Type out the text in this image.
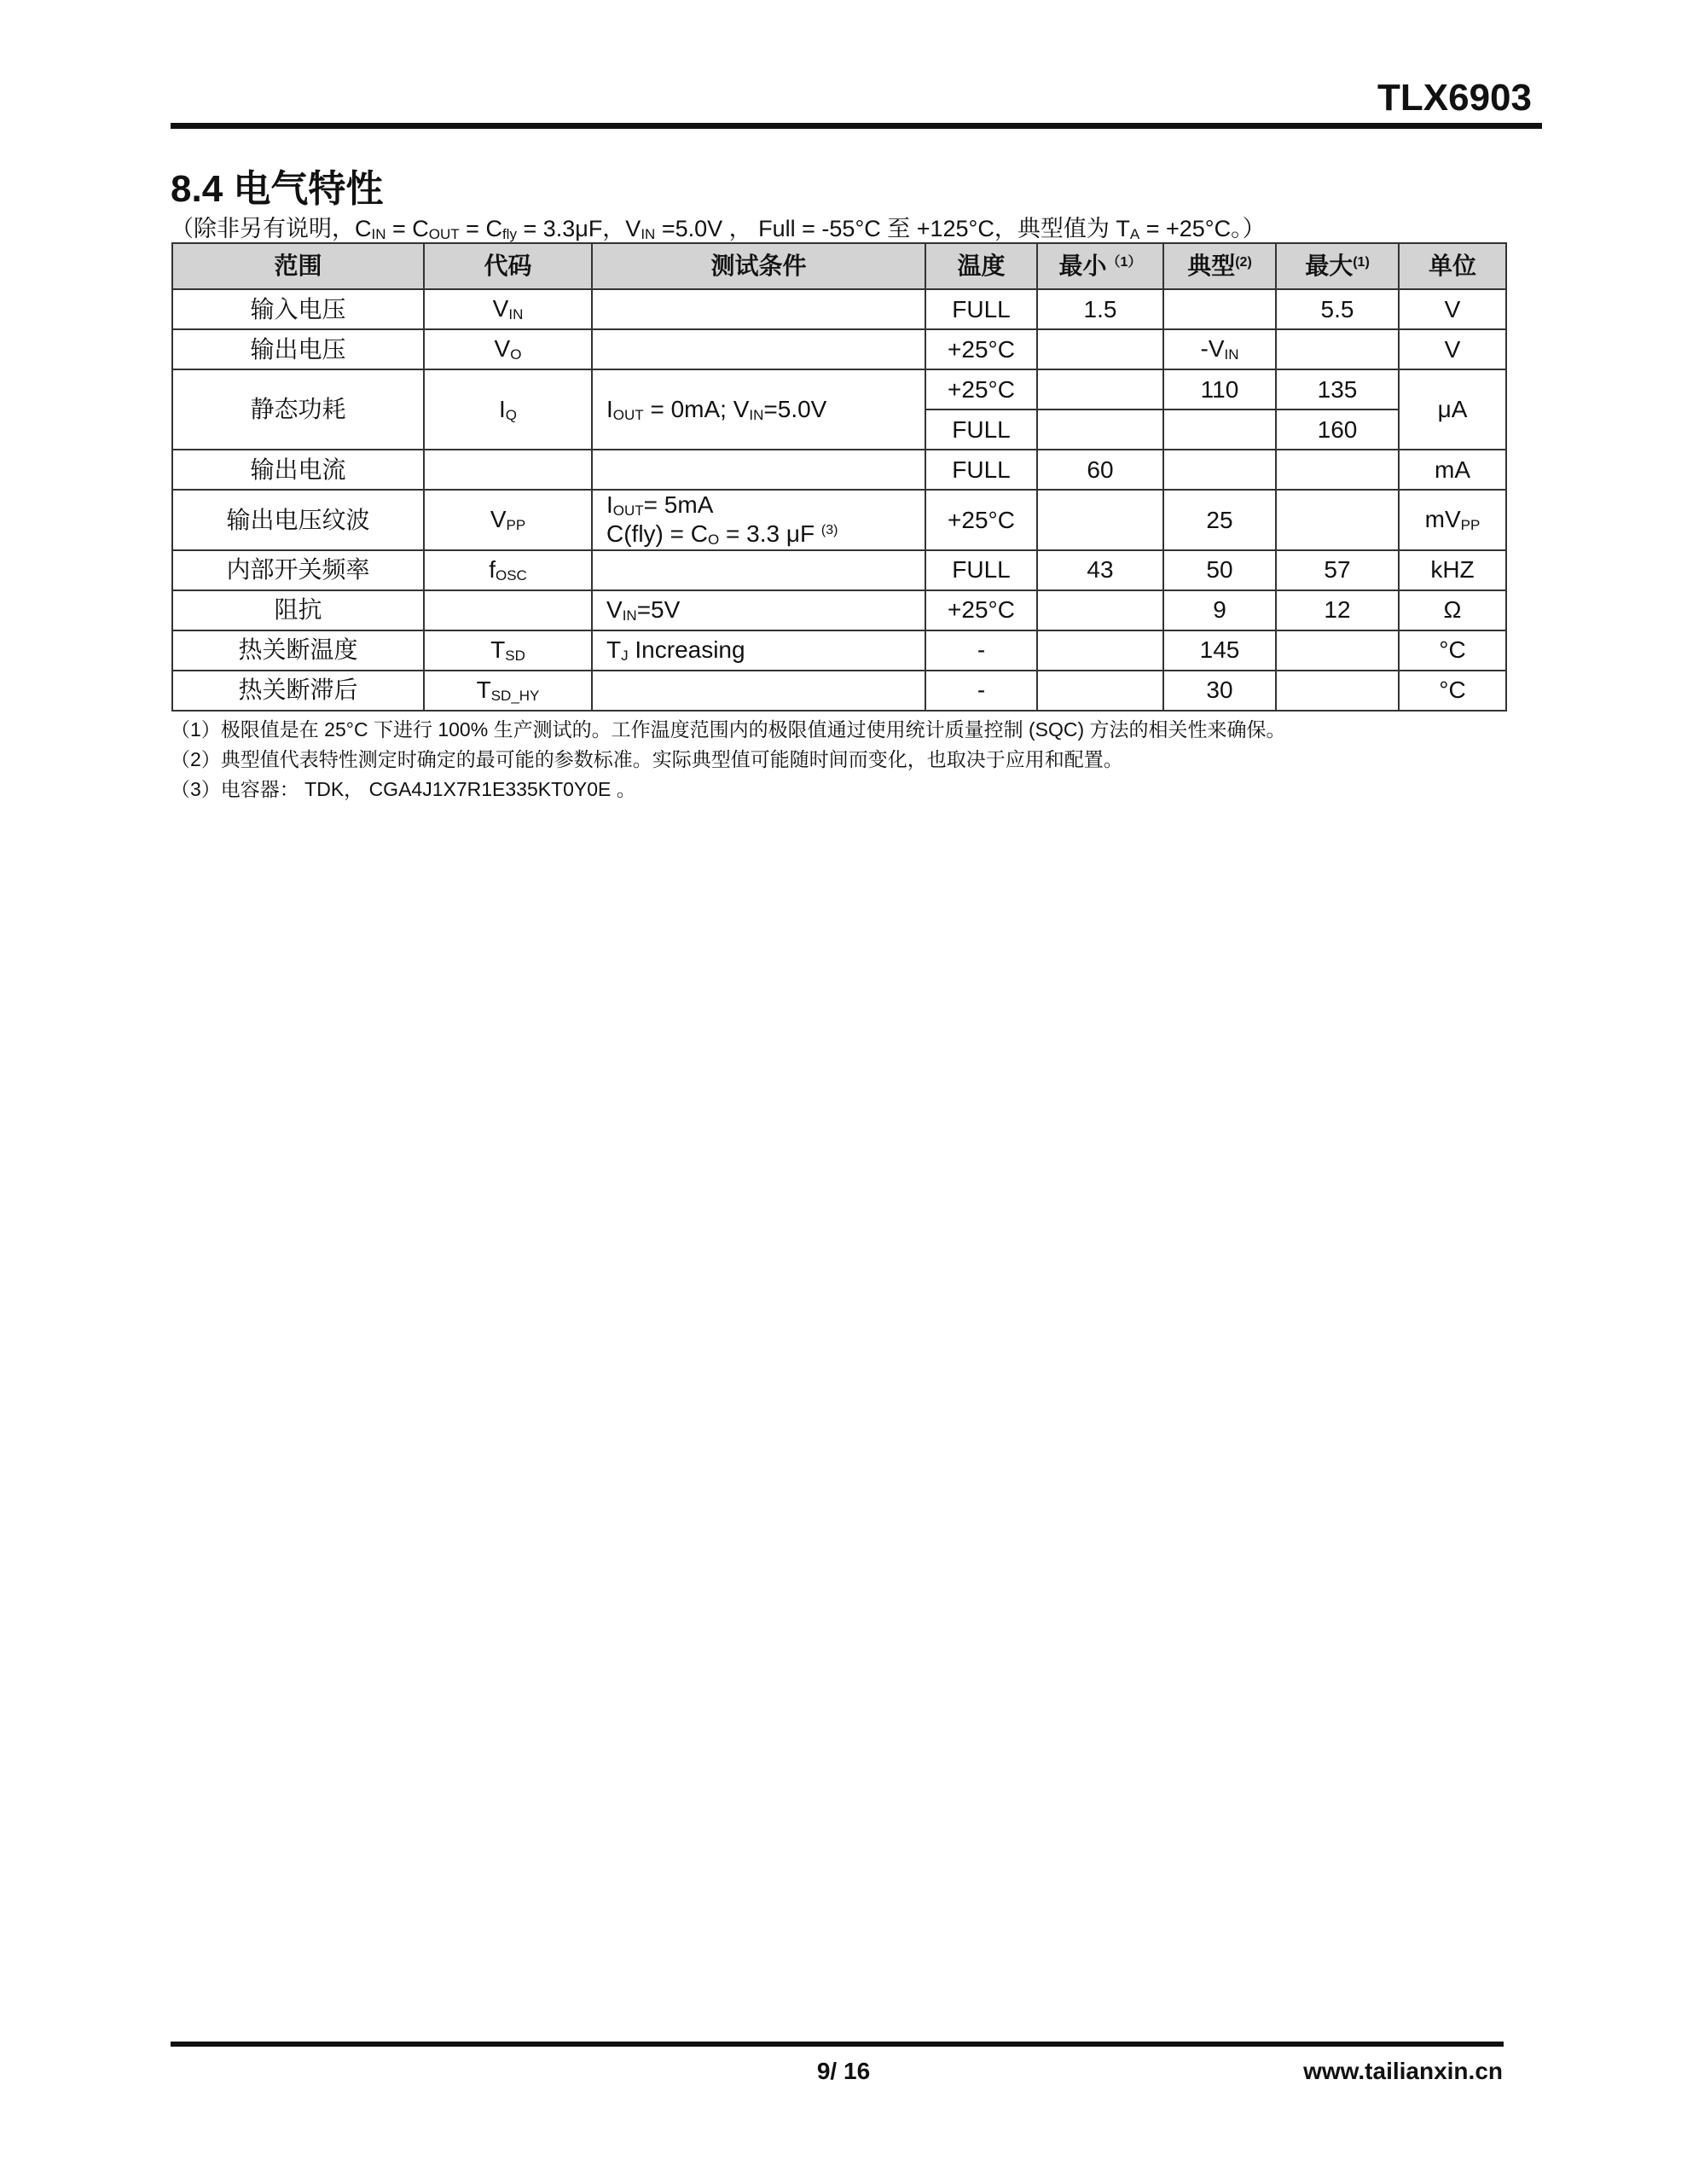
TLX6903
8.4 电气特性
（除非另有说明，$C_{IN} = C_{OUT} = C_{fly} = 3.3\mu F$，$V_{IN} =5.0V$ ， Full = -55°C 至 +125°C，典型值为 $T_A = +25^\circ C$。）
范围	代码	测试条件	温度	最小$^{(1)}$	典型$^{(2)}$	最大$^{(1)}$	单位
输入电压	$V_{IN}$		FULL	1.5		5.5	V
输出电压	$V_O$		+25°C		$-V_{IN}$		V
静态功耗	$I_Q$	$I_{OUT} = 0mA$; $V_{IN}=5.0V$	+25°C		110	135	μA
			FULL			160	
输出电流			FULL	60			mA
输出电压纹波	$V_{PP}$	$I_{OUT}= 5mA$
$C(fly) = C_O = 3.3$ μF $^{(3)}$	+25°C		25		$mV_{PP}$
内部开关频率	$f_{OSC}$		FULL	43	50	57	kHZ
阻抗		$V_{IN}=5V$	+25°C		9	12	Ω
热关断温度	$T_{SD}$	$T_J$ Increasing	-		145		°C
热关断滞后	$T_{SD\_HY}$		-		30		°C
（1）极限值是在 25°C 下进行 100% 生产测试的。工作温度范围内的极限值通过使用统计质量控制 (SQC) 方法的相关性来确保。
（2）典型值代表特性测定时确定的最可能的参数标准。实际典型值可能随时间而变化，也取决于应用和配置。
（3）电容器： TDK， CGA4J1X7R1E335KT0Y0E 。
9/ 16	www.tailianxin.cn
